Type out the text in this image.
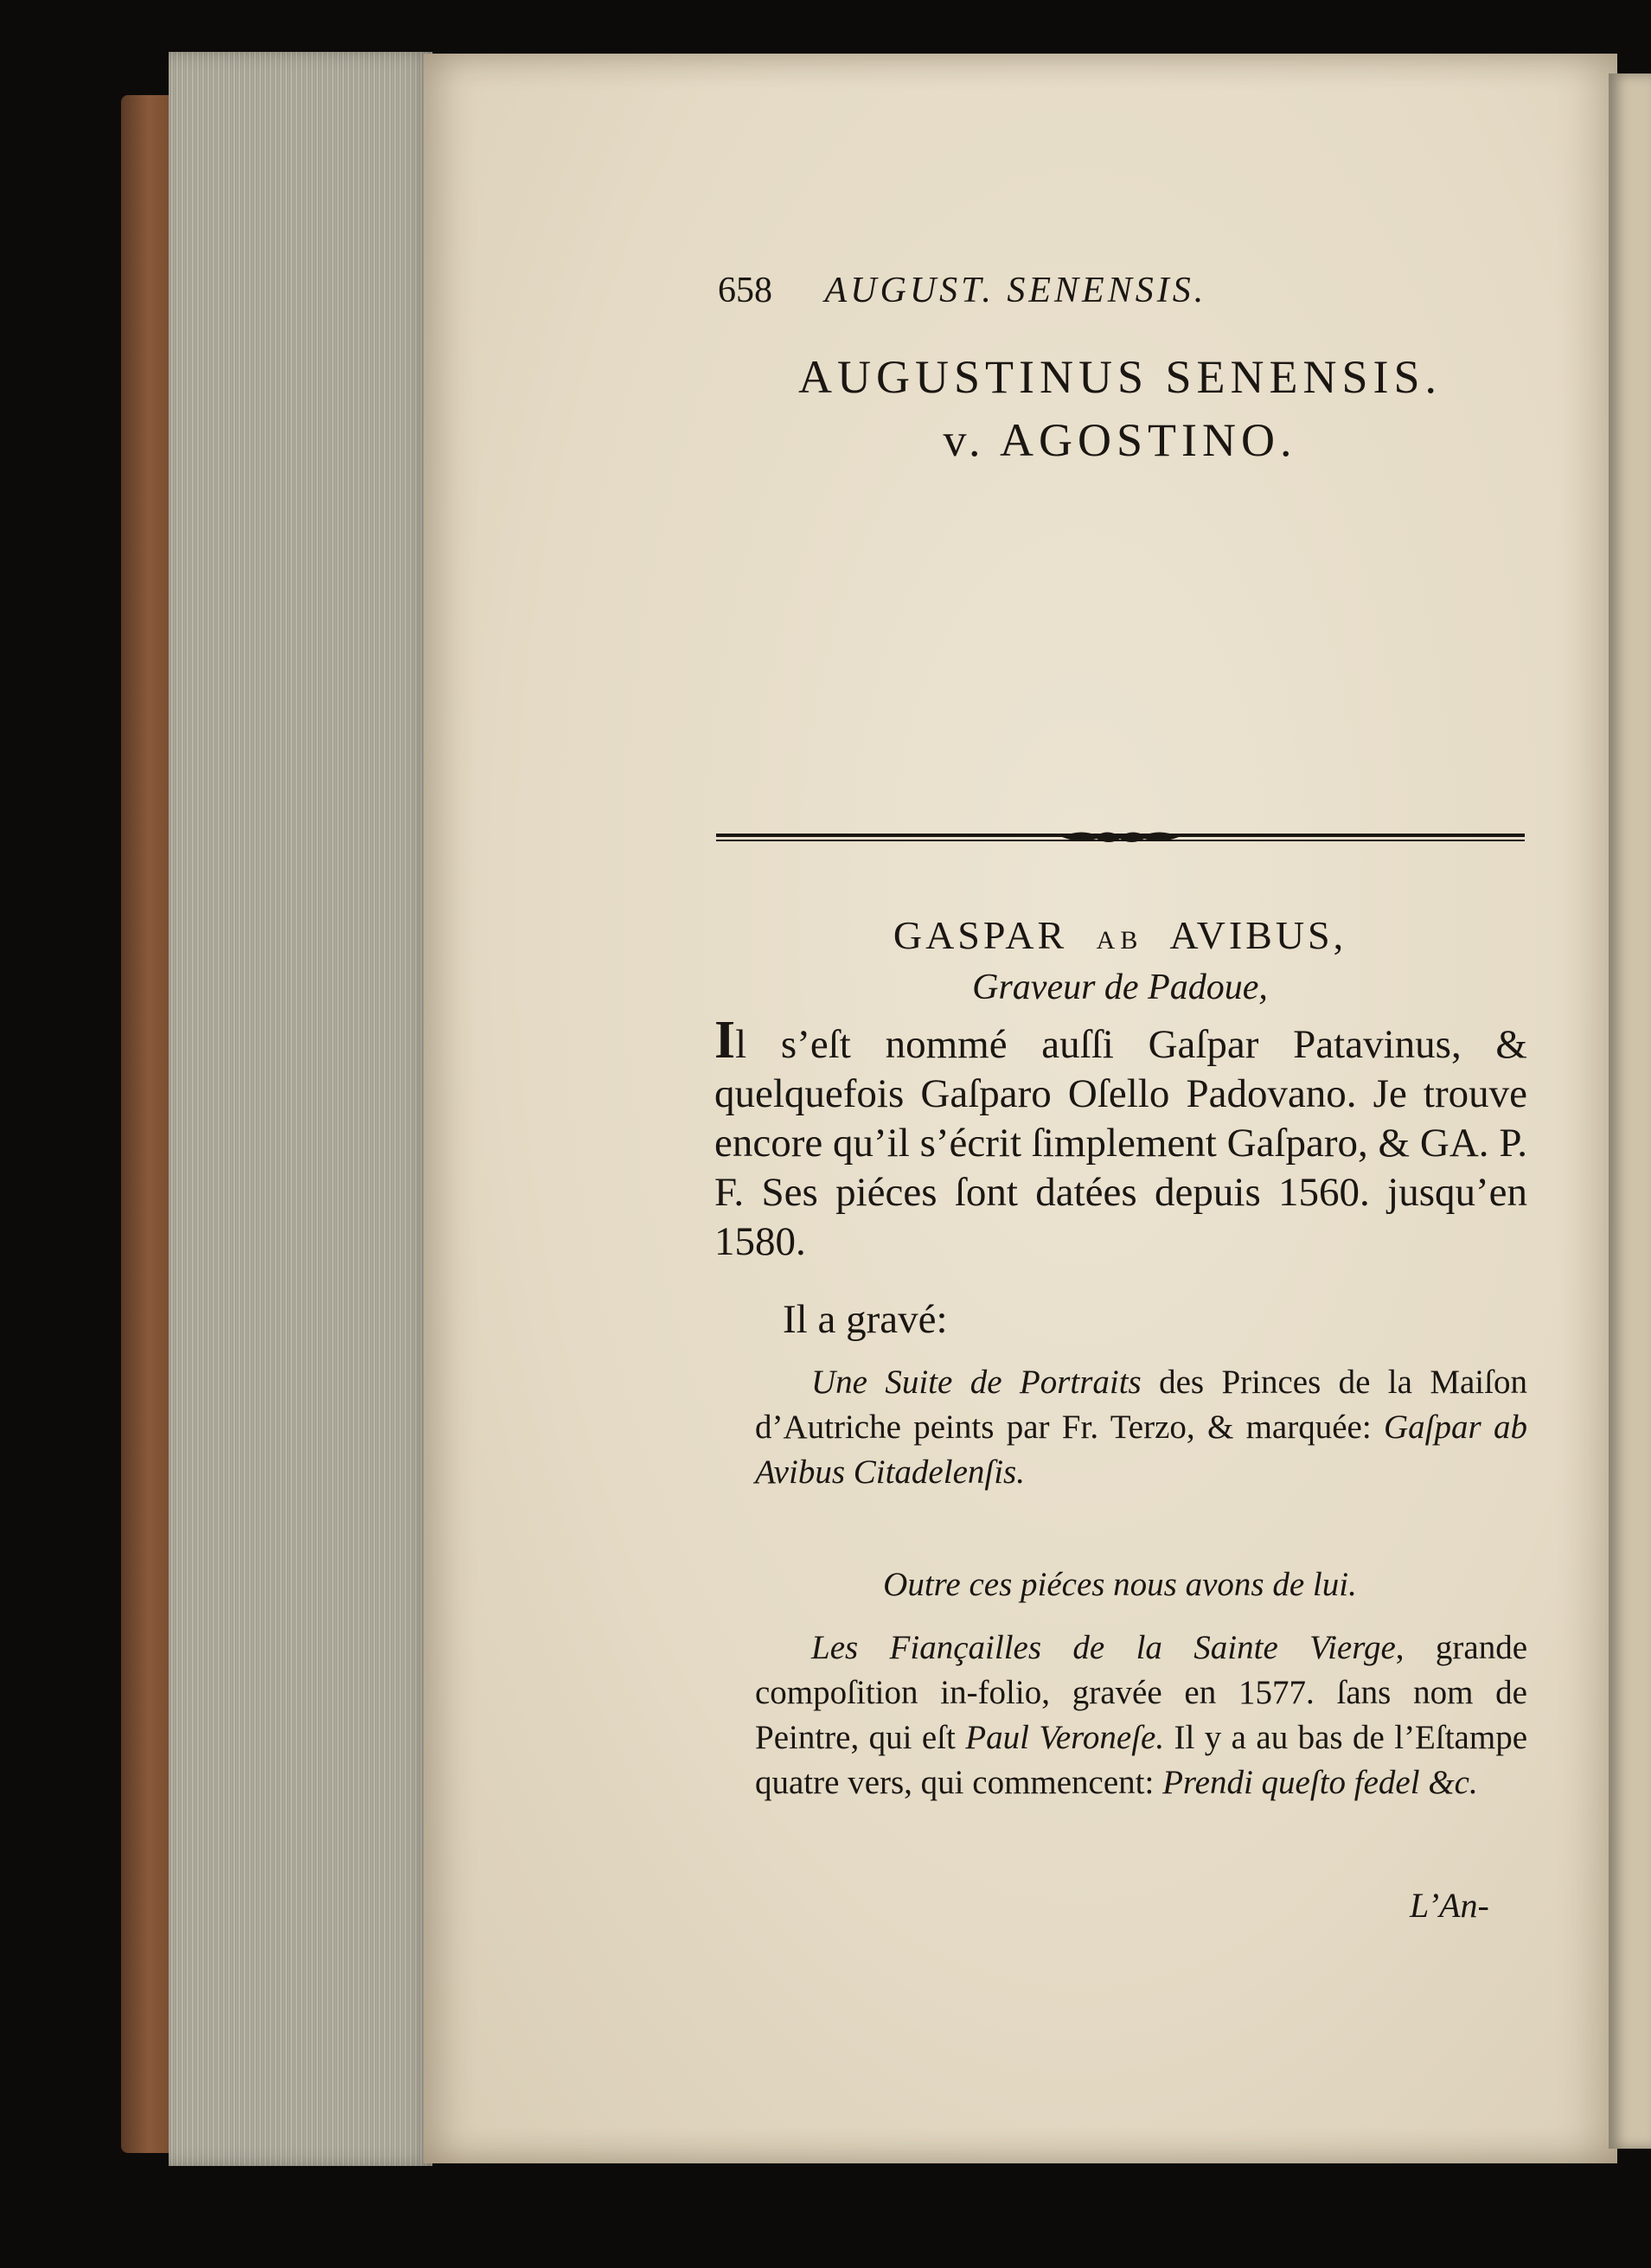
658 AUGUST. SENENSIS.
AUGUSTINUS SENENSIS.
v. AGOSTINO.
GASPAR AB AVIBUS,
Graveur de Padoue,

Il s’eſt nommé auſſi Gaſpar Patavinus, & quelquefois Gaſparo Oſello Padovano. Je trouve encore qu’il s’écrit ſimplement Gaſparo, & GA. P. F. Ses piéces ſont datées depuis 1560. jusqu’en 1580.

Il a gravé:

Une Suite de Portraits des Princes de la Maiſon d’Autriche peints par Fr. Terzo, & marquée: Gaſpar ab Avibus Citadelenſis.

Outre ces piéces nous avons de lui.

Les Fiançailles de la Sainte Vierge, grande compoſition in-folio, gravée en 1577. ſans nom de Peintre, qui eſt Paul Veroneſe. Il y a au bas de l’Eſtampe quatre vers, qui commencent: Prendi queſto fedel &c.

L’An-
